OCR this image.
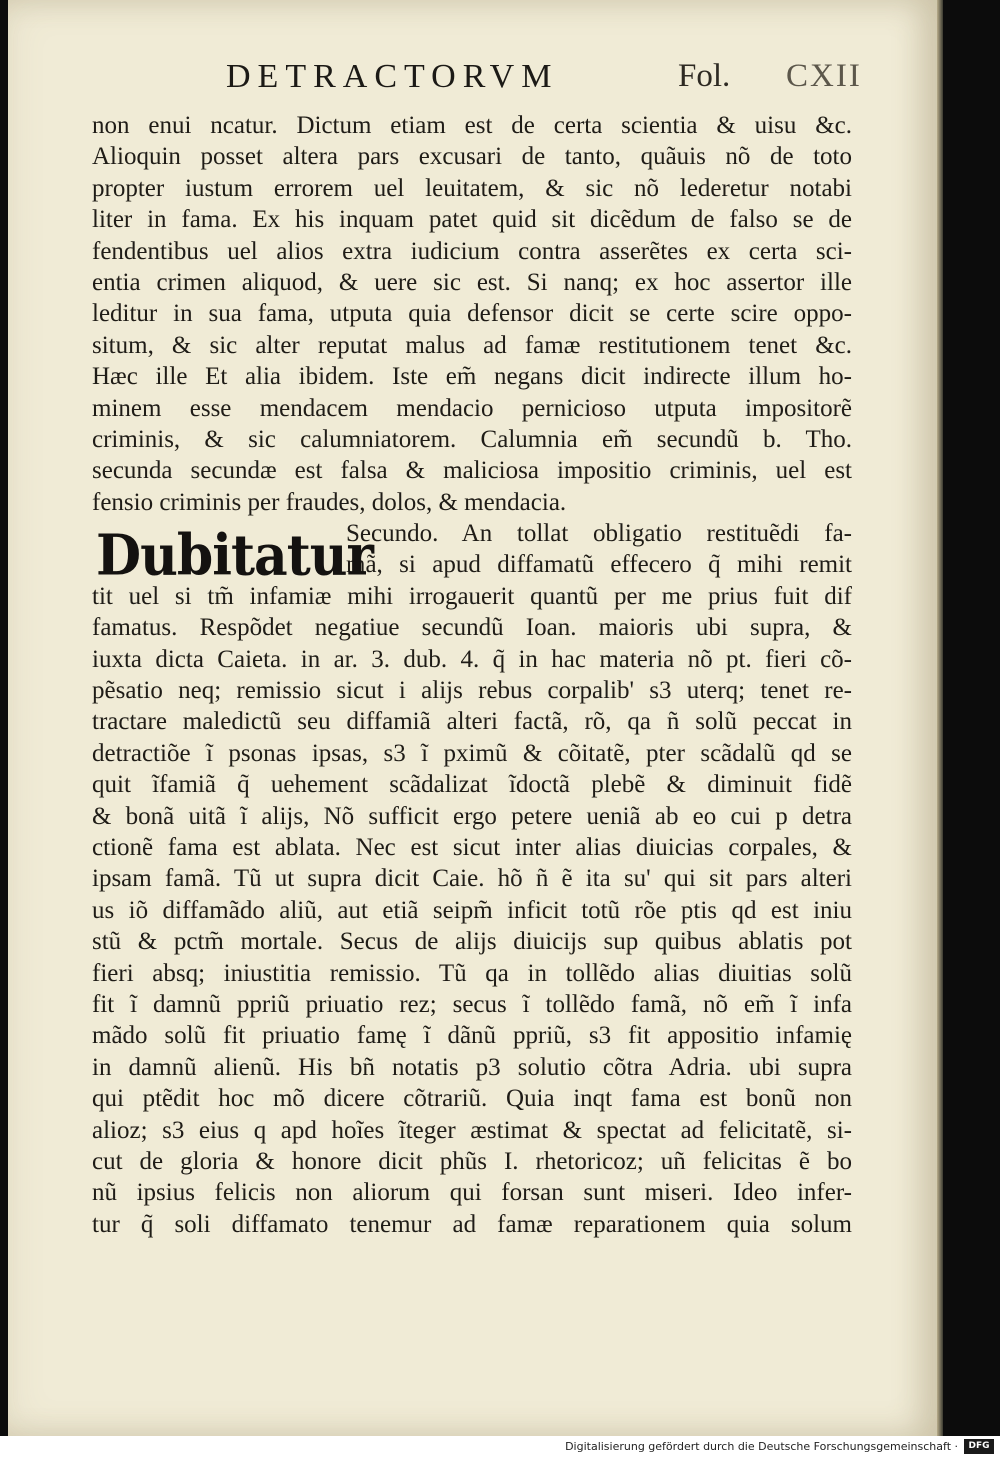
DETRACTORVM	Fol. CXII
non enui ncatur. Dictum etiam est de certa scientia & uisu &c.
Alioquin posset altera pars excusari de tanto, quãuis nõ de toto
propter iustum errorem uel leuitatem, & sic nõ lederetur notabi
liter in fama. Ex his inquam patet quid sit dicẽdum de falso se de
fendentibus uel alios extra iudicium contra asserẽtes ex certa sci-
entia crimen aliquod, & uere sic est. Si nanq; ex hoc assertor ille
leditur in sua fama, utputa quia defensor dicit se certe scire oppo-
situm, & sic alter reputat malus ad famæ restitutionem tenet &c.
Hæc ille Et alia ibidem. Iste em̃ negans dicit indirecte illum ho-
minem esse mendacem mendacio pernicioso utputa impositorẽ
criminis, & sic calumniatorem. Calumnia em̃ secundũ b. Tho.
secunda secundæ est falsa & maliciosa impositio criminis, uel est
fensio criminis per fraudes, dolos, & mendacia.
Secundo. An tollat obligatio restituẽdi fa-
mã, si apud diffamatũ effecero q̃ mihi remit
tit uel si tm̃ infamiæ mihi irrogauerit quantũ per me prius fuit dif
famatus. Respõdet negatiue secundũ Ioan. maioris ubi supra, &
iuxta dicta Caieta. in ar. 3. dub. 4. q̃ in hac materia nõ pt. fieri cõ-
pẽsatio neq; remissio sicut i alijs rebus corpalib' s3 uterq; tenet re-
tractare maledictũ seu diffamiã alteri factã, rõ, qa ñ solũ peccat in
detractiõe ĩ psonas ipsas, s3 ĩ pximũ & cõitatẽ, pter scãdalũ qd se
quit ĩfamiã q̃ uehement scãdalizat ĩdoctã plebẽ & diminuit fidẽ
& bonã uitã ĩ alijs, Nõ sufficit ergo petere ueniã ab eo cui p detra
ctionẽ fama est ablata. Nec est sicut inter alias diuicias corpales, &
ipsam famã. Tũ ut supra dicit Caie. hõ ñ ẽ ita su' qui sit pars alteri
us iõ diffamãdo aliũ, aut etiã seipm̃ inficit totũ rõe ptis qd est iniu
stũ & pctm̃ mortale. Secus de alijs diuicijs sup quibus ablatis pot
fieri absq; iniustitia remissio. Tũ qa in tollẽdo alias diuitias solũ
fit ĩ damnũ ppriũ priuatio rez; secus ĩ tollẽdo famã, nõ em̃ ĩ infa
mãdo solũ fit priuatio famę ĩ dãnũ ppriũ, s3 fit appositio infamię
in damnũ alienũ. His bñ notatis p3 solutio cõtra Adria. ubi supra
qui ptẽdit hoc mõ dicere cõtrariũ. Quia inqt fama est bonũ non
alioz; s3 eius q apd hoĩes ĩteger æstimat & spectat ad felicitatẽ, si-
cut de gloria & honore dicit phũs I. rhetoricoz; uñ felicitas ẽ bo
nũ ipsius felicis non aliorum qui forsan sunt miseri. Ideo infer-
tur q̃ soli diffamato tenemur ad famæ reparationem quia solum
Dubitatur
Digitalisierung gefördert durch die Deutsche Forschungsgemeinschaft ·	DFG
